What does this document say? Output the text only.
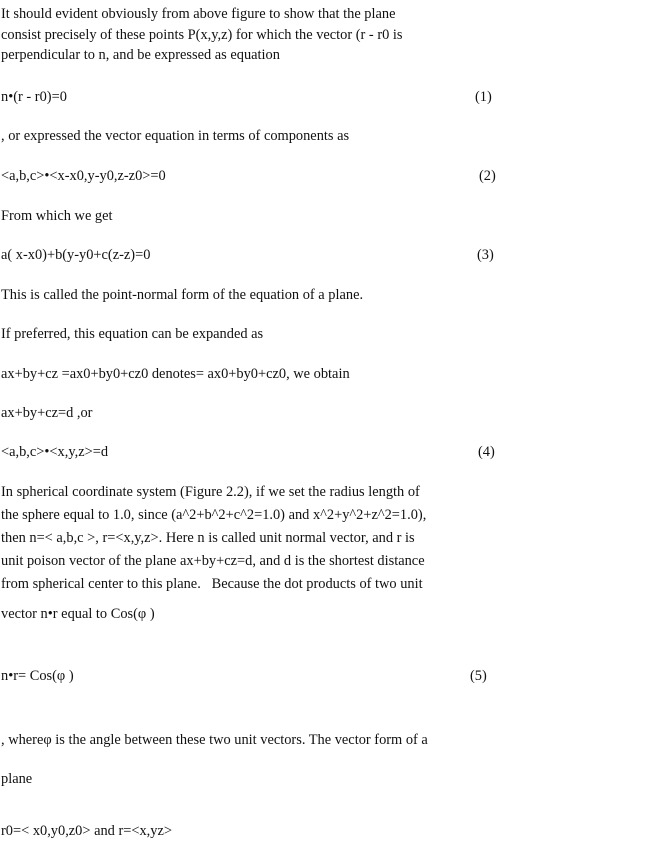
It should evident obviously from above figure to show that the plane
consist precisely of these points P(x,y,z) for which the vector (r - r0 is
perpendicular to n, and be expressed as equation
n•(r - r0)=0	(1)
, or expressed the vector equation in terms of components as
<a,b,c>•<x-x0,y-y0,z-z0>=0	(2)
From which we get
a( x-x0)+b(y-y0+c(z-z)=0	(3)
This is called the point-normal form of the equation of a plane.
If preferred, this equation can be expanded as
ax+by+cz =ax0+by0+cz0 denotes= ax0+by0+cz0, we obtain
ax+by+cz=d ,or
<a,b,c>•<x,y,z>=d	(4)
In spherical coordinate system (Figure 2.2), if we set the radius length of
the sphere equal to 1.0, since (a^2+b^2+c^2=1.0) and x^2+y^2+z^2=1.0),
then n=< a,b,c >, r=<x,y,z>. Here n is called unit normal vector, and r is
unit poison vector of the plane ax+by+cz=d, and d is the shortest distance
from spherical center to this plane.   Because the dot products of two unit
vector n•r equal to Cos(φ )
n•r= Cos(φ )	(5)
, whereφ is the angle between these two unit vectors. The vector form of a
plane
r0=< x0,y0,z0> and r=<x,yz>
